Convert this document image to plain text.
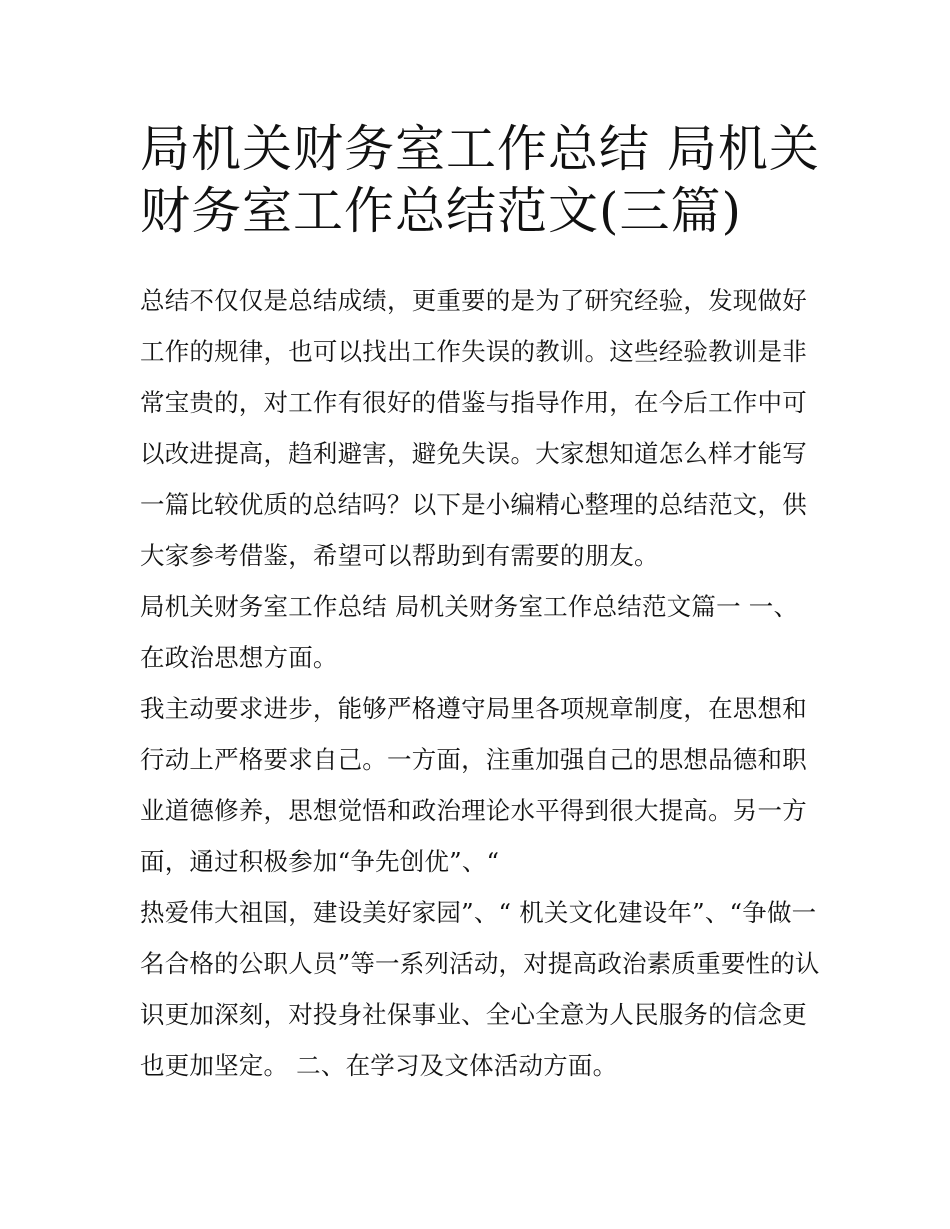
局机关财务室工作总结 局机关财务室工作总结范文(三篇)

总结不仅仅是总结成绩，更重要的是为了研究经验，发现做好工作的规律，也可以找出工作失误的教训。这些经验教训是非常宝贵的，对工作有很好的借鉴与指导作用，在今后工作中可以改进提高，趋利避害，避免失误。大家想知道怎么样才能写一篇比较优质的总结吗？以下是小编精心整理的总结范文，供大家参考借鉴，希望可以帮助到有需要的朋友。

局机关财务室工作总结 局机关财务室工作总结范文篇一 一、在政治思想方面。

我主动要求进步，能够严格遵守局里各项规章制度，在思想和行动上严格要求自己。一方面，注重加强自己的思想品德和职业道德修养，思想觉悟和政治理论水平得到很大提高。另一方面，通过积极参加“争先创优”、“

热爱伟大祖国，建设美好家园”、“ 机关文化建设年”、“争做一名合格的公职人员”等一系列活动，对提高政治素质重要性的认识更加深刻，对投身社保事业、全心全意为人民服务的信念更也更加坚定。 二、在学习及文体活动方面。
